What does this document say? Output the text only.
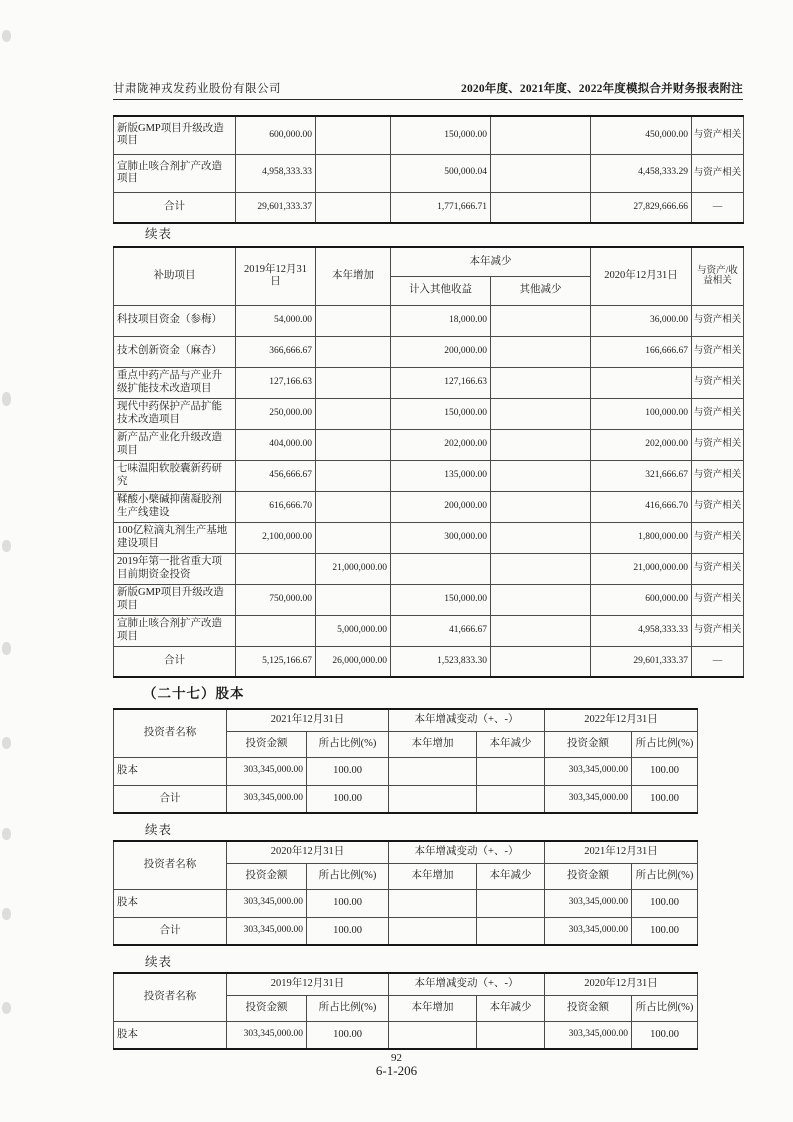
甘肃陇神戎发药业股份有限公司	2020年度、2021年度、2022年度模拟合并财务报表附注
新版GMP项目升级改造项目	600,000.00		150,000.00		450,000.00	与资产相关
宣肺止咳合剂扩产改造项目	4,958,333.33		500,000.04		4,458,333.29	与资产相关
合计	29,601,333.37		1,771,666.71		27,829,666.66	—
续表
补助项目	2019年12月31日	本年增加	本年减少		2020年12月31日	与资产/收益相关
			计入其他收益	其他减少		
科技项目资金（参梅）	54,000.00		18,000.00		36,000.00	与资产相关
技术创新资金（麻杏）	366,666.67		200,000.00		166,666.67	与资产相关
重点中药产品与产业升级扩能技术改造项目	127,166.63		127,166.63			与资产相关
现代中药保护产品扩能技术改造项目	250,000.00		150,000.00		100,000.00	与资产相关
新产品产业化升级改造项目	404,000.00		202,000.00		202,000.00	与资产相关
七味温阳软胶囊新药研究	456,666.67		135,000.00		321,666.67	与资产相关
鞣酸小檗碱抑菌凝胶剂生产线建设	616,666.70		200,000.00		416,666.70	与资产相关
100亿粒滴丸剂生产基地建设项目	2,100,000.00		300,000.00		1,800,000.00	与资产相关
2019年第一批省重大项目前期资金投资		21,000,000.00			21,000,000.00	与资产相关
新版GMP项目升级改造项目	750,000.00		150,000.00		600,000.00	与资产相关
宣肺止咳合剂扩产改造项目		5,000,000.00	41,666.67		4,958,333.33	与资产相关
合计	5,125,166.67	26,000,000.00	1,523,833.30		29,601,333.37	—
（二十七）股本
投资者名称	2021年12月31日		本年增减变动（+、-）		2022年12月31日	
	投资金额	所占比例(%)	本年增加	本年减少	投资金额	所占比例(%)
股本	303,345,000.00	100.00			303,345,000.00	100.00
合计	303,345,000.00	100.00			303,345,000.00	100.00
续表
投资者名称	2020年12月31日		本年增减变动（+、-）		2021年12月31日	
	投资金额	所占比例(%)	本年增加	本年减少	投资金额	所占比例(%)
股本	303,345,000.00	100.00			303,345,000.00	100.00
合计	303,345,000.00	100.00			303,345,000.00	100.00
续表
投资者名称	2019年12月31日		本年增减变动（+、-）		2020年12月31日	
	投资金额	所占比例(%)	本年增加	本年减少	投资金额	所占比例(%)
股本	303,345,000.00	100.00			303,345,000.00	100.00
92
6-1-206
